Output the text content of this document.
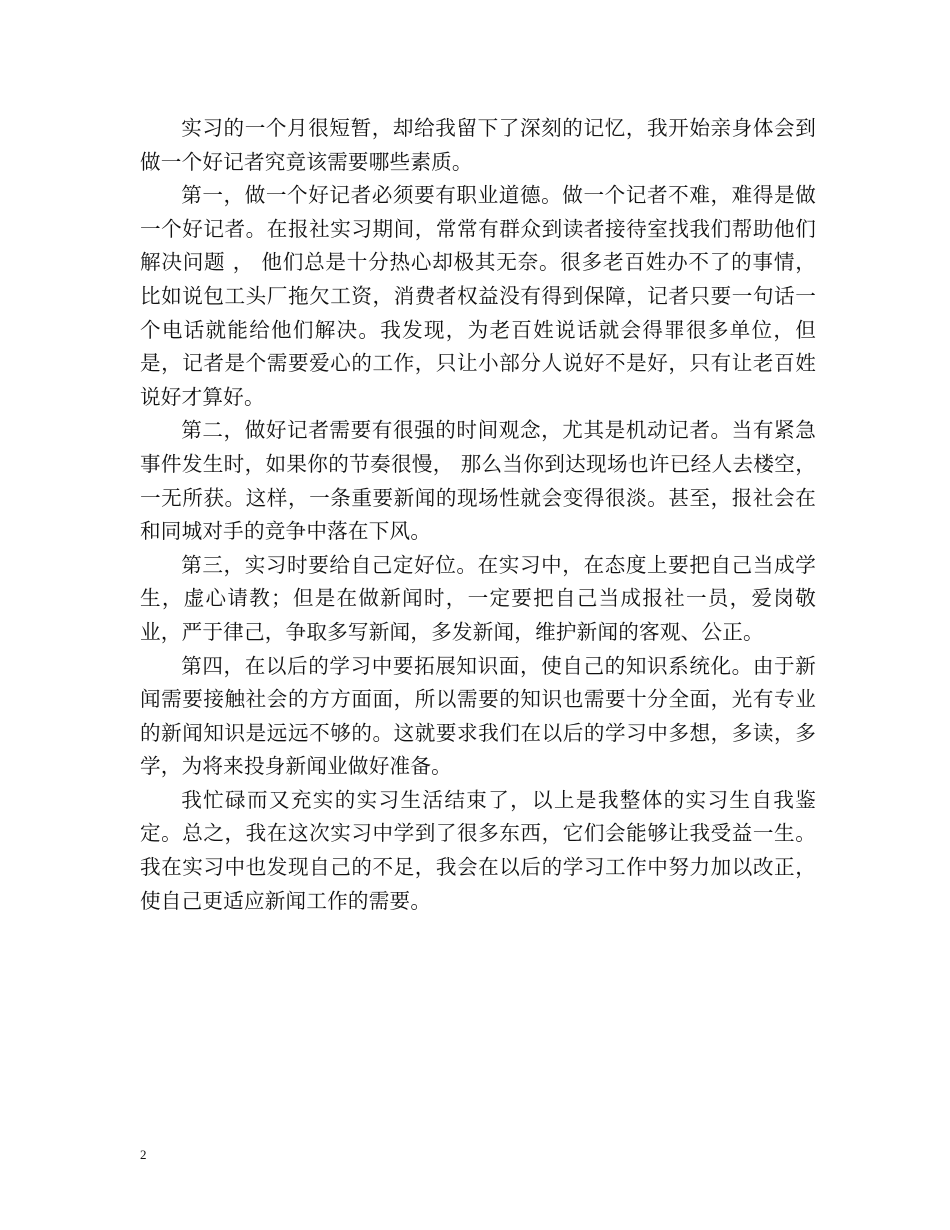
实习的一个月很短暂，却给我留下了深刻的记忆，我开始亲身体会到做一个好记者究竟该需要哪些素质。

第一，做一个好记者必须要有职业道德。做一个记者不难，难得是做一个好记者。在报社实习期间，常常有群众到读者接待室找我们帮助他们解决问题 ， 他们总是十分热心却极其无奈。很多老百姓办不了的事情，比如说包工头厂拖欠工资，消费者权益没有得到保障，记者只要一句话一个电话就能给他们解决。我发现，为老百姓说话就会得罪很多单位，但是，记者是个需要爱心的工作，只让小部分人说好不是好，只有让老百姓说好才算好。

第二，做好记者需要有很强的时间观念，尤其是机动记者。当有紧急事件发生时，如果你的节奏很慢， 那么当你到达现场也许已经人去楼空，一无所获。这样，一条重要新闻的现场性就会变得很淡。甚至，报社会在和同城对手的竞争中落在下风。

第三，实习时要给自己定好位。在实习中，在态度上要把自己当成学生，虚心请教；但是在做新闻时，一定要把自己当成报社一员，爱岗敬业，严于律己，争取多写新闻，多发新闻，维护新闻的客观、公正。

第四，在以后的学习中要拓展知识面，使自己的知识系统化。由于新闻需要接触社会的方方面面，所以需要的知识也需要十分全面，光有专业的新闻知识是远远不够的。这就要求我们在以后的学习中多想，多读，多学，为将来投身新闻业做好准备。

我忙碌而又充实的实习生活结束了，以上是我整体的实习生自我鉴定。总之，我在这次实习中学到了很多东西，它们会能够让我受益一生。我在实习中也发现自己的不足，我会在以后的学习工作中努力加以改正，使自己更适应新闻工作的需要。

2
